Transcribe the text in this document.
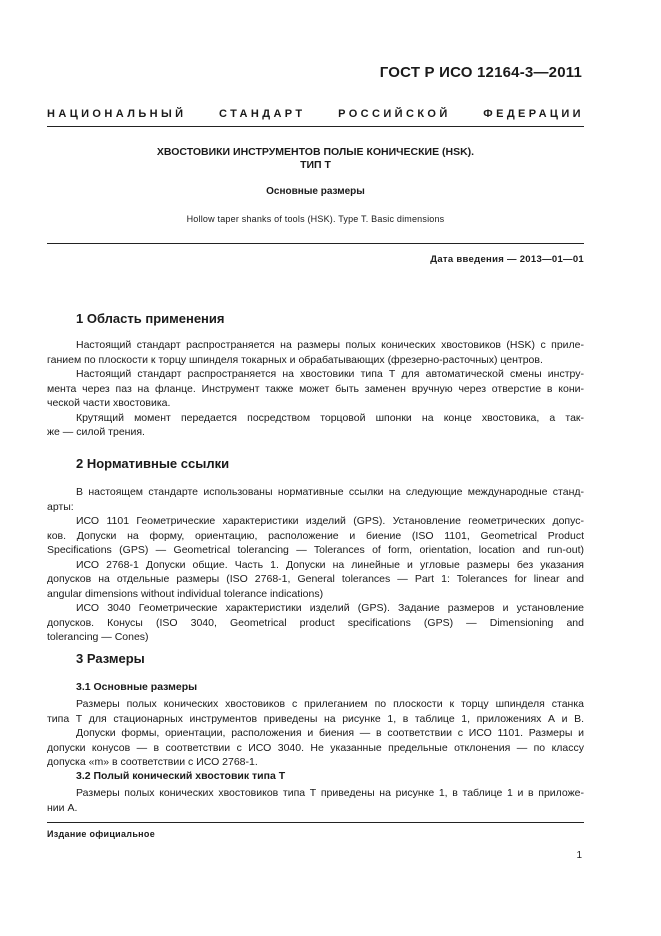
ГОСТ Р ИСО 12164-3—2011
НАЦИОНАЛЬНЫЙ	СТАНДАРТ	РОССИЙСКОЙ	ФЕДЕРАЦИИ
ХВОСТОВИКИ ИНСТРУМЕНТОВ ПОЛЫЕ КОНИЧЕСКИЕ (HSK).
ТИП Т
Основные размеры
Hollow taper shanks of tools (HSK). Type T. Basic dimensions
Дата введения — 2013—01—01
1 Область применения
Настоящий стандарт распространяется на размеры полых конических хвостовиков (HSK) с приле-
ганием по плоскости к торцу шпинделя токарных и обрабатывающих (фрезерно-расточных) центров.
Настоящий стандарт распространяется на хвостовики типа Т для автоматической смены инстру-
мента через паз на фланце. Инструмент также может быть заменен вручную через отверстие в кони-
ческой части хвостовика.
Крутящий момент передается посредством торцовой шпонки на конце хвостовика, а так-
же — силой трения.
2 Нормативные ссылки
В настоящем стандарте использованы нормативные ссылки на следующие международные станд-
арты:
ИСО 1101 Геометрические характеристики изделий (GPS). Установление геометрических допус-
ков. Допуски на форму, ориентацию, расположение и биение (ISO 1101, Geometrical Product
Specifications (GPS) — Geometrical tolerancing — Tolerances of form, orientation, location and run-out)
ИСО 2768-1 Допуски общие. Часть 1. Допуски на линейные и угловые размеры без указания
допусков на отдельные размеры (ISO 2768-1, General tolerances — Part 1: Tolerances for linear and
angular dimensions without individual tolerance indications)
ИСО 3040 Геометрические характеристики изделий (GPS). Задание размеров и установление
допусков. Конусы (ISO 3040, Geometrical product specifications (GPS) — Dimensioning and
tolerancing — Cones)
3 Размеры
3.1 Основные размеры
Размеры полых конических хвостовиков с прилеганием по плоскости к торцу шпинделя станка
типа Т для стационарных инструментов приведены на рисунке 1, в таблице 1, приложениях А и В.
Допуски формы, ориентации, расположения и биения — в соответствии с ИСО 1101. Размеры и
допуски конусов — в соответствии с ИСО 3040. Не указанные предельные отклонения — по классу
допуска «m» в соответствии с ИСО 2768-1.
3.2 Полый конический хвостовик типа Т
Размеры полых конических хвостовиков типа Т приведены на рисунке 1, в таблице 1 и в приложе-
нии А.
Издание официальное
1
